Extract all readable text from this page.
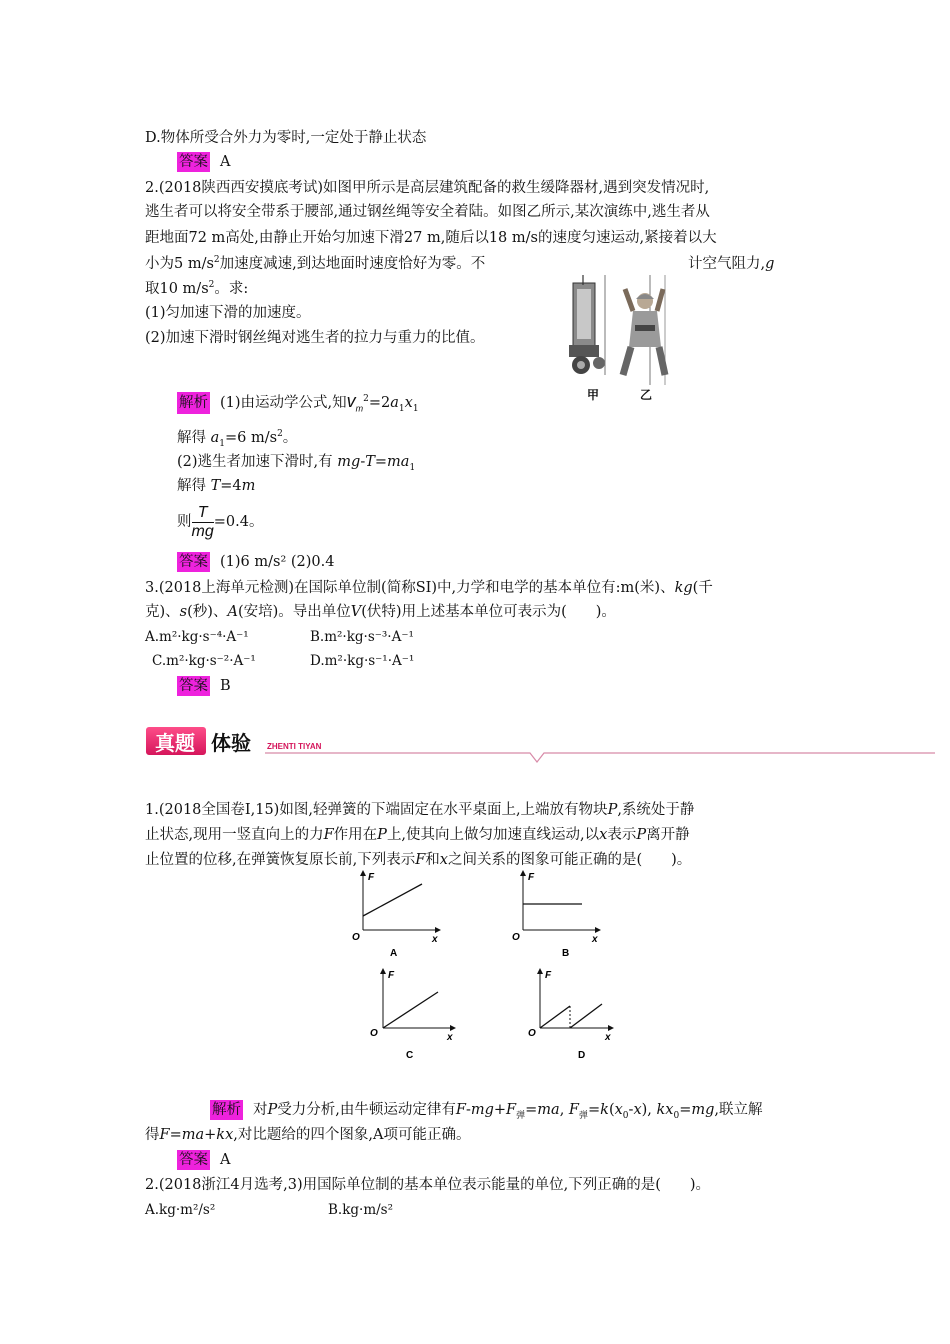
D.物体所受合外力为零时,一定处于静止状态
答案 A
2.(2018陕西西安摸底考试)如图甲所示是高层建筑配备的救生缓降器材,遇到突发情况时,
逃生者可以将安全带系于腰部,通过钢丝绳等安全着陆。如图乙所示,某次演练中,逃生者从
距地面72 m高处,由静止开始匀加速下滑27 m,随后以18 m/s的速度匀速运动,紧接着以大
小为5 $m/s^2$加速度减速,到达地面时速度恰好为零。不	计空气阻力,g
取10 $m/s^2$。求:
(1)匀加速下滑的加速度。
(2)加速下滑时钢丝绳对逃生者的拉力与重力的比值。
甲	乙
解析 (1)由运动学公式,知$v_m^2=2a_1x_1$
解得 $a_1=6$ $m/s^2$。
(2)逃生者加速下滑时,有 $mg-T=ma_1$
解得 T=4m
则 $\frac{T}{mg} =0.4$。
答案 (1)6 m/s² (2)0.4
3.(2018上海单元检测)在国际单位制(简称SI)中,力学和电学的基本单位有:m(米)、kg(千
克)、s(秒)、A(安培)。导出单位V(伏特)用上述基本单位可表示为(　　)。
A.m²·kg·s⁻⁴·A⁻¹	B.m²·kg·s⁻³·A⁻¹
C.m²·kg·s⁻²·A⁻¹	D.m²·kg·s⁻¹·A⁻¹
答案 B
真题 体验 ZHENTI TIYAN
1.(2018全国卷Ⅰ,15)如图,轻弹簧的下端固定在水平桌面上,上端放有物块P,系统处于静
止状态,现用一竖直向上的力F作用在P上,使其向上做匀加速直线运动,以x表示P离开静
止位置的位移,在弹簧恢复原长前,下列表示F和x之间关系的图象可能正确的是(　　)。
F
x
O
A
F
x
O
B
F
x
O
C
F
x
O
D
解析 对P受力分析,由牛顿运动定律有$F-mg+F_弹=ma$, $F_弹=k(x_0-x)$, $kx_0=mg$,联立解
得F=ma+kx,对比题给的四个图象,A项可能正确。
答案 A
2.(2018浙江4月选考,3)用国际单位制的基本单位表示能量的单位,下列正确的是(　　)。
A.kg·m²/s²	B.kg·m/s²
